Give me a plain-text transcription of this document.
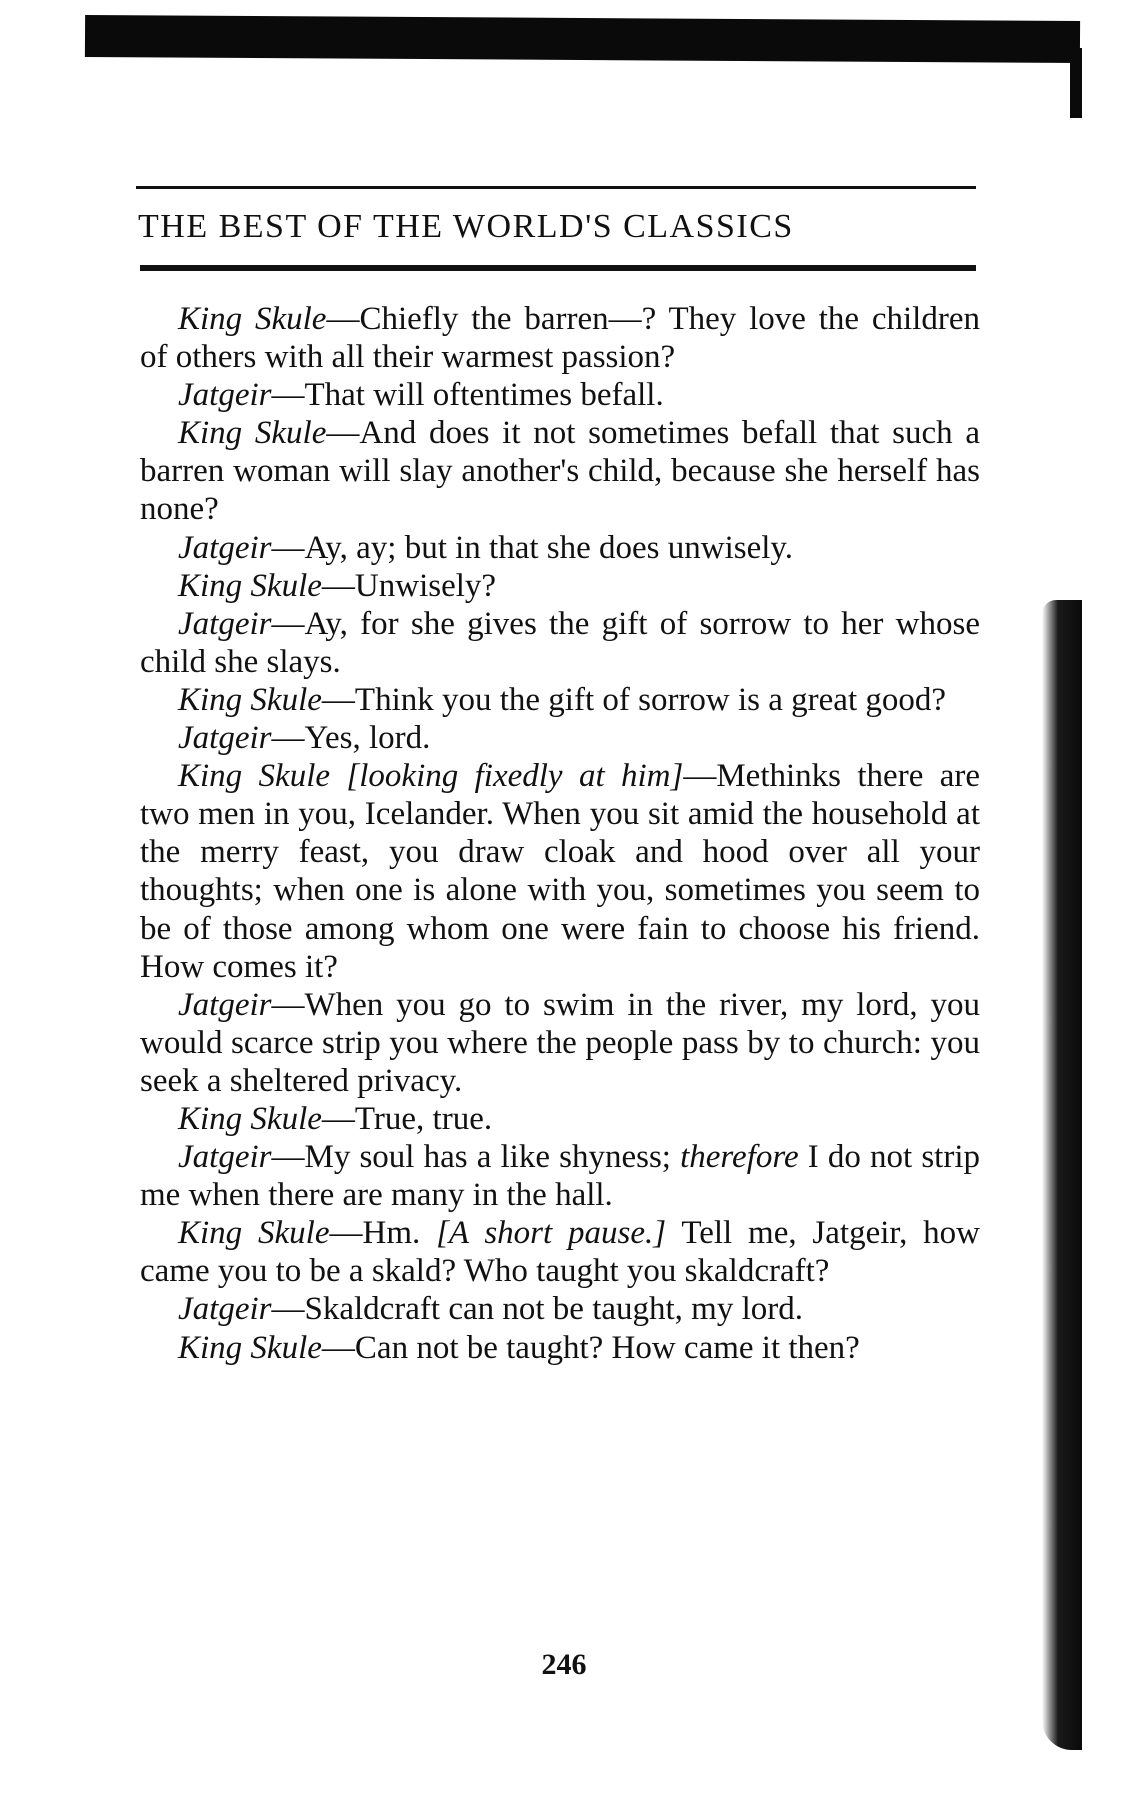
THE BEST OF THE WORLD'S CLASSICS

King Skule—Chiefly the barren—? They love the children of others with all their warmest passion?

Jatgeir—That will oftentimes befall.

King Skule—And does it not sometimes befall that such a barren woman will slay another's child, because she herself has none?

Jatgeir—Ay, ay; but in that she does unwisely.

King Skule—Unwisely?

Jatgeir—Ay, for she gives the gift of sorrow to her whose child she slays.

King Skule—Think you the gift of sorrow is a great good?

Jatgeir—Yes, lord.

King Skule [looking fixedly at him]—Methinks there are two men in you, Icelander. When you sit amid the household at the merry feast, you draw cloak and hood over all your thoughts; when one is alone with you, sometimes you seem to be of those among whom one were fain to choose his friend. How comes it?

Jatgeir—When you go to swim in the river, my lord, you would scarce strip you where the people pass by to church: you seek a sheltered privacy.

King Skule—True, true.

Jatgeir—My soul has a like shyness; therefore I do not strip me when there are many in the hall.

King Skule—Hm. [A short pause.] Tell me, Jatgeir, how came you to be a skald? Who taught you skaldcraft?

Jatgeir—Skaldcraft can not be taught, my lord.

King Skule—Can not be taught? How came it then?

246
